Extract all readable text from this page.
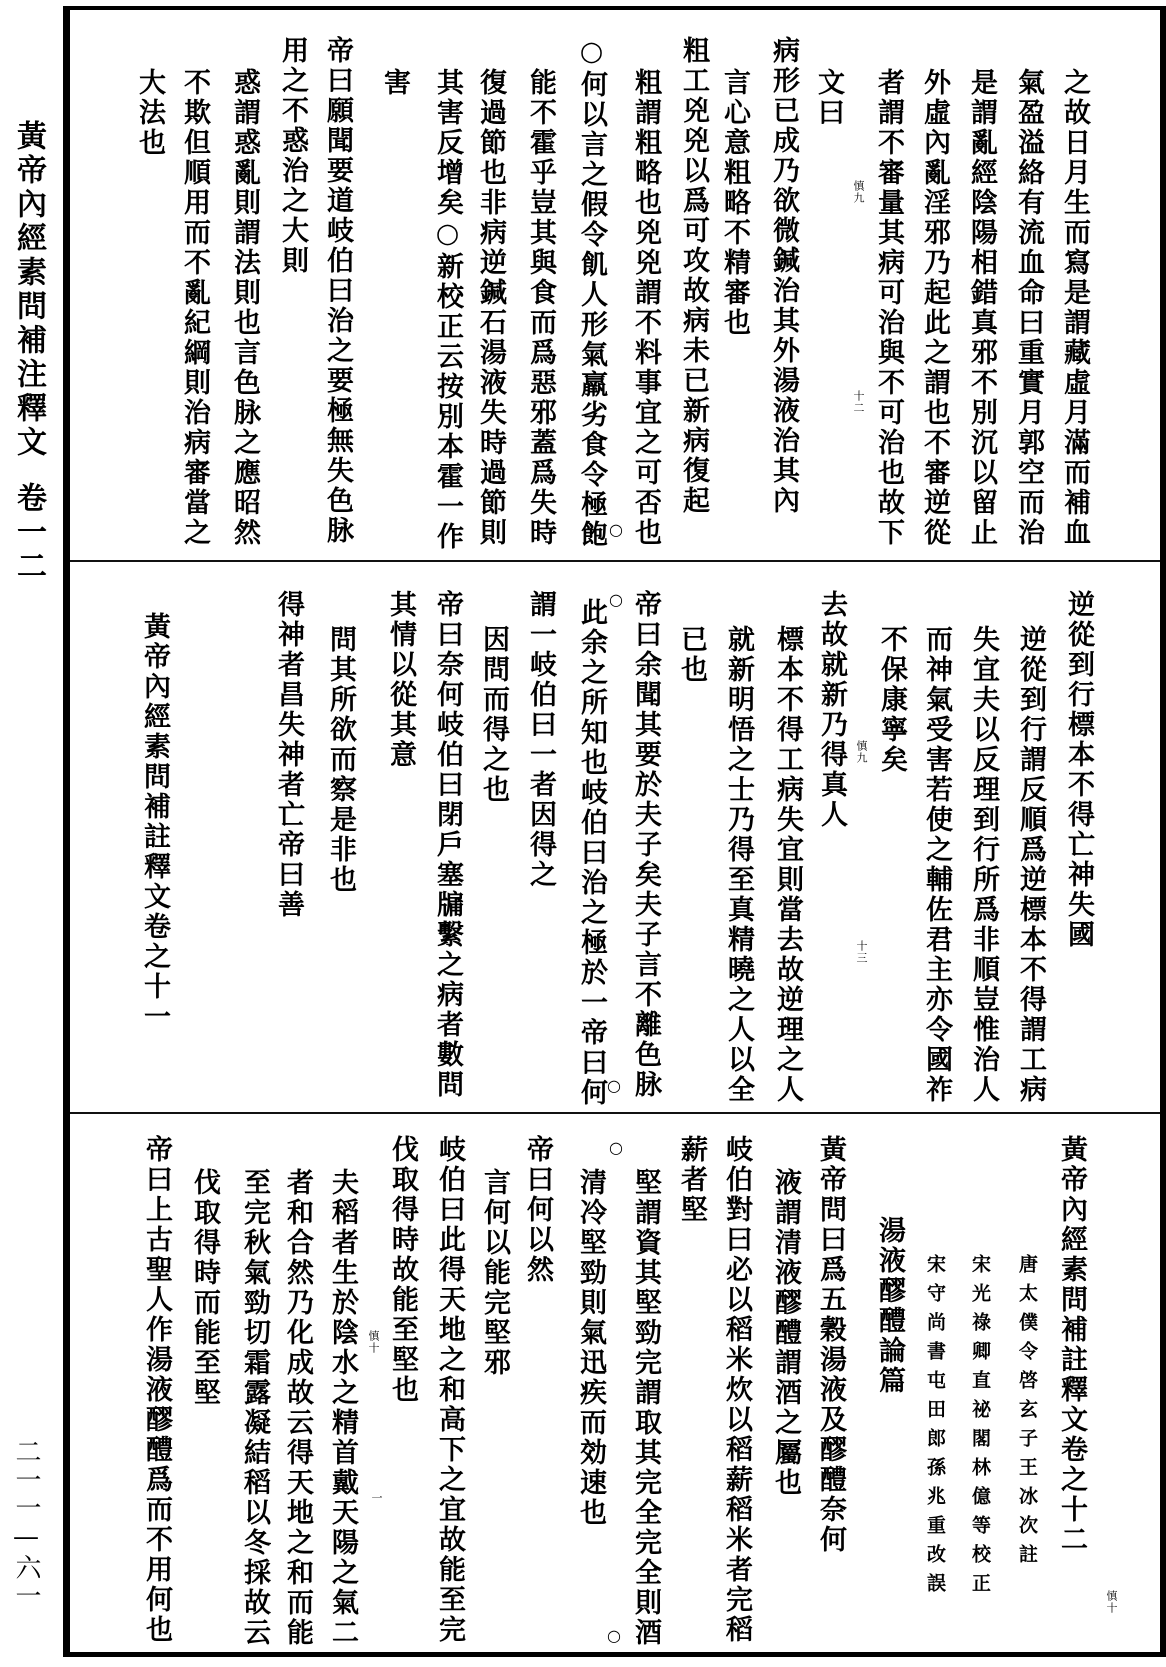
黃帝內經素問補注釋文卷一二
二一一—六一
之故日月生而寫是謂藏虛月滿而補血
氣盈溢絡有流血命曰重實月郭空而治
是謂亂經陰陽相錯真邪不別沉以留止
外虛內亂淫邪乃起此之謂也不審逆從
者謂不審量其病可治與不可治也故下
慎九
十二
文曰
病形已成乃欲微鍼治其外湯液治其內
言心意粗略不精審也
粗工兇兇以爲可攻故病未已新病復起
粗謂粗略也兇兇謂不料事宜之可否也
○何以言之假令飢人形氣羸劣食令極飽
能不霍乎豈其與食而爲惡邪蓋爲失時
復過節也非病逆鍼石湯液失時過節則
其害反增矣○新校正云按別本霍一作
害
帝曰願聞要道岐伯曰治之要極無失色脉
用之不惑治之大則
惑謂惑亂則謂法則也言色脉之應昭然
不欺但順用而不亂紀綱則治病審當之
大法也
○
逆從到行標本不得亡神失國
逆從到行謂反順爲逆標本不得謂工病
失宜夫以反理到行所爲非順豈惟治人
而神氣受害若使之輔佐君主亦令國祚
不保康寧矣
慎九
十三
去故就新乃得真人
標本不得工病失宜則當去故逆理之人
就新明悟之士乃得至真精曉之人以全
已也
帝曰余聞其要於夫子矣夫子言不離色脉
此余之所知也岐伯曰治之極於一帝曰何
謂一岐伯曰一者因得之
因問而得之也
帝曰奈何岐伯曰閉戶塞牖繫之病者數問
其情以從其意
問其所欲而察是非也
得神者昌失神者亡帝曰善
黃帝內經素問補註釋文卷之十一
○
○
黃帝內經素問補註釋文卷之十二
慎十
唐太僕令啓玄子王冰次註
宋光祿卿直祕閣林億等校正
宋守尚書屯田郎孫兆重改誤
湯液醪醴論篇
黃帝問曰爲五穀湯液及醪醴奈何
液謂清液醪醴謂酒之屬也
岐伯對曰必以稻米炊以稻薪稻米者完稻
薪者堅
堅謂資其堅勁完謂取其完全完全則酒
清冷堅勁則氣迅疾而効速也
帝曰何以然
言何以能完堅邪
岐伯曰此得天地之和高下之宜故能至完
伐取得時故能至堅也
慎十
一
夫稻者生於陰水之精首戴天陽之氣二
者和合然乃化成故云得天地之和而能
至完秋氣勁切霜露凝結稻以冬採故云
伐取得時而能至堅
帝曰上古聖人作湯液醪醴爲而不用何也	○
○
